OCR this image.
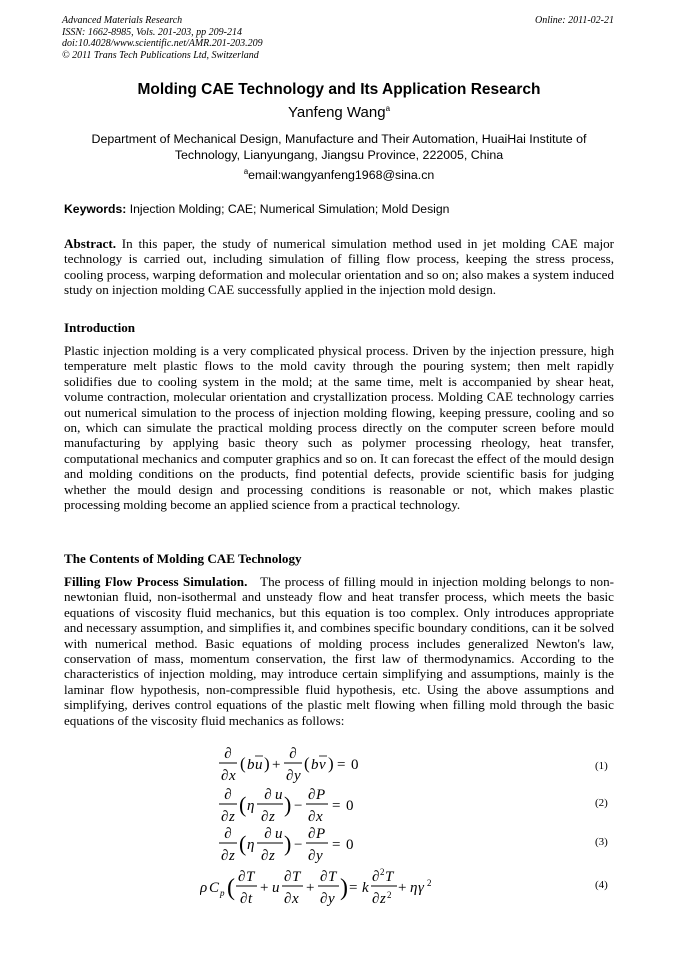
Advanced Materials Research
ISSN: 1662-8985, Vols. 201-203, pp 209-214
doi:10.4028/www.scientific.net/AMR.201-203.209
© 2011 Trans Tech Publications Ltd, Switzerland
Online: 2011-02-21
Molding CAE Technology and Its Application Research
Yanfeng Wang$^a$
Department of Mechanical Design, Manufacture and Their Automation, HuaiHai Institute of Technology, Lianyungang, Jiangsu Province, 222005, China
$^a$email:wangyanfeng1968@sina.cn
Keywords: Injection Molding; CAE; Numerical Simulation; Mold Design
Abstract. In this paper, the study of numerical simulation method used in jet molding CAE major technology is carried out, including simulation of filling flow process, keeping the stress process, cooling process, warping deformation and molecular orientation and so on; also makes a system induced study on injection molding CAE successfully applied in the injection mold design.
Introduction
Plastic injection molding is a very complicated physical process. Driven by the injection pressure, high temperature melt plastic flows to the mold cavity through the pouring system; then melt rapidly solidifies due to cooling system in the mold; at the same time, melt is accompanied by shear heat, volume contraction, molecular orientation and crystallization process. Molding CAE technology carries out numerical simulation to the process of injection molding flowing, keeping pressure, cooling and so on, which can simulate the practical molding process directly on the computer screen before mould manufacturing by applying basic theory such as polymer processing rheology, heat transfer, computational mechanics and computer graphics and so on. It can forecast the effect of the mould design and molding conditions on the products, find potential defects, provide scientific basis for judging whether the mould design and processing conditions is reasonable or not, which makes plastic processing molding become an applied science from a practical technology.
The Contents of Molding CAE Technology
Filling Flow Process Simulation. The process of filling mould in injection molding belongs to non-newtonian fluid, non-isothermal and unsteady flow and heat transfer process, which meets the basic equations of viscosity fluid mechanics, but this equation is too complex. Only introduces appropriate and necessary assumption, and simplifies it, and combines specific boundary conditions, can it be solved with numerical method. Basic equations of molding process includes generalized Newton's law, conservation of mass, momentum conservation, the first law of thermodynamics. According to the characteristics of injection molding, may introduce certain simplifying and assumptions, mainly is the laminar flow hypothesis, non-compressible fluid hypothesis, etc. Using the above assumptions and simplifying, derives control equations of the plastic melt flowing when filling mold through the basic equations of the viscosity fluid mechanics as follows:
∂
∂ x
( b u ) +
∂
∂ y
( b v ) = 0	(1)
∂
∂ z ( η
∂ u
∂ z ) −
∂ P
∂ x
= 0	(2)
∂
∂ z ( η
∂ u
∂ z ) −
∂ P
∂ y
= 0	(3)
ρ C p ( ∂ T
∂ t
+ u
∂ T
∂ x
+
∂ T
∂ y ) = k
∂ 2 T
∂ z 2 + η γ 2	(4)
